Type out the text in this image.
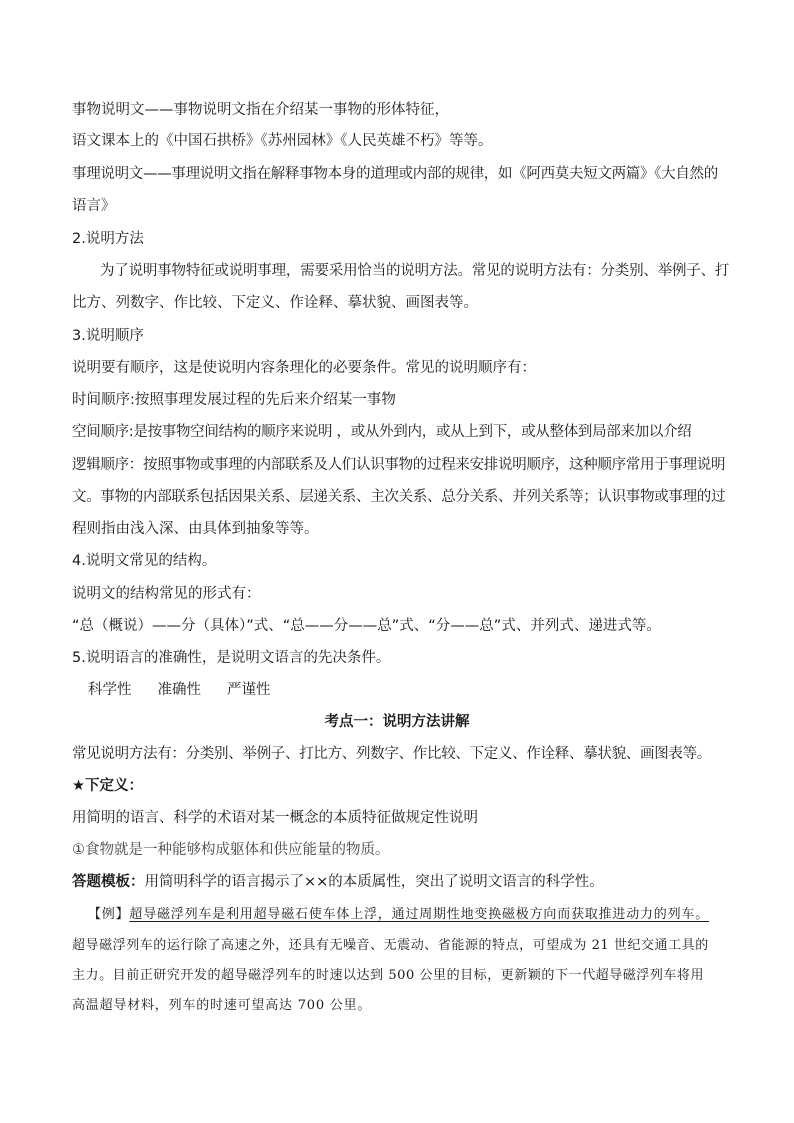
事物说明文——事物说明文指在介绍某一事物的形体特征，
语文课本上的《中国石拱桥》《苏州园林》《人民英雄不朽》等等。
事理说明文——事理说明文指在解释事物本身的道理或内部的规律，如《阿西莫夫短文两篇》《大自然的
语言》
2.说明方法
为了说明事物特征或说明事理，需要采用恰当的说明方法。常见的说明方法有：分类别、举例子、打
比方、列数字、作比较、下定义、作诠释、摹状貌、画图表等。
3.说明顺序
说明要有顺序，这是使说明内容条理化的必要条件。常见的说明顺序有：
时间顺序:按照事理发展过程的先后来介绍某一事物
空间顺序:是按事物空间结构的顺序来说明 ，或从外到内，或从上到下，或从整体到局部来加以介绍
逻辑顺序：按照事物或事理的内部联系及人们认识事物的过程来安排说明顺序，这种顺序常用于事理说明
文。事物的内部联系包括因果关系、层递关系、主次关系、总分关系、并列关系等；认识事物或事理的过
程则指由浅入深、由具体到抽象等等。
4.说明文常见的结构。
说明文的结构常见的形式有：
“总（概说）——分（具体）”式、“总——分——总”式、“分——总”式、并列式、递进式等。
5.说明语言的准确性，是说明文语言的先决条件。
科学性 准确性 严谨性
考点一：说明方法讲解
常见说明方法有：分类别、举例子、打比方、列数字、作比较、下定义、作诠释、摹状貌、画图表等。
★下定义：
用简明的语言、科学的术语对某一概念的本质特征做规定性说明
①食物就是一种能够构成躯体和供应能量的物质。
答题模板：用简明科学的语言揭示了××的本质属性，突出了说明文语言的科学性。
【例】超导磁浮列车是利用超导磁石使车体上浮，通过周期性地变换磁极方向而获取推进动力的列车。
超导磁浮列车的运行除了高速之外，还具有无噪音、无震动、省能源的特点，可望成为 21 世纪交通工具的
主力。目前正研究开发的超导磁浮列车的时速以达到 500 公里的目标，更新颖的下一代超导磁浮列车将用
高温超导材料，列车的时速可望高达 700 公里。
